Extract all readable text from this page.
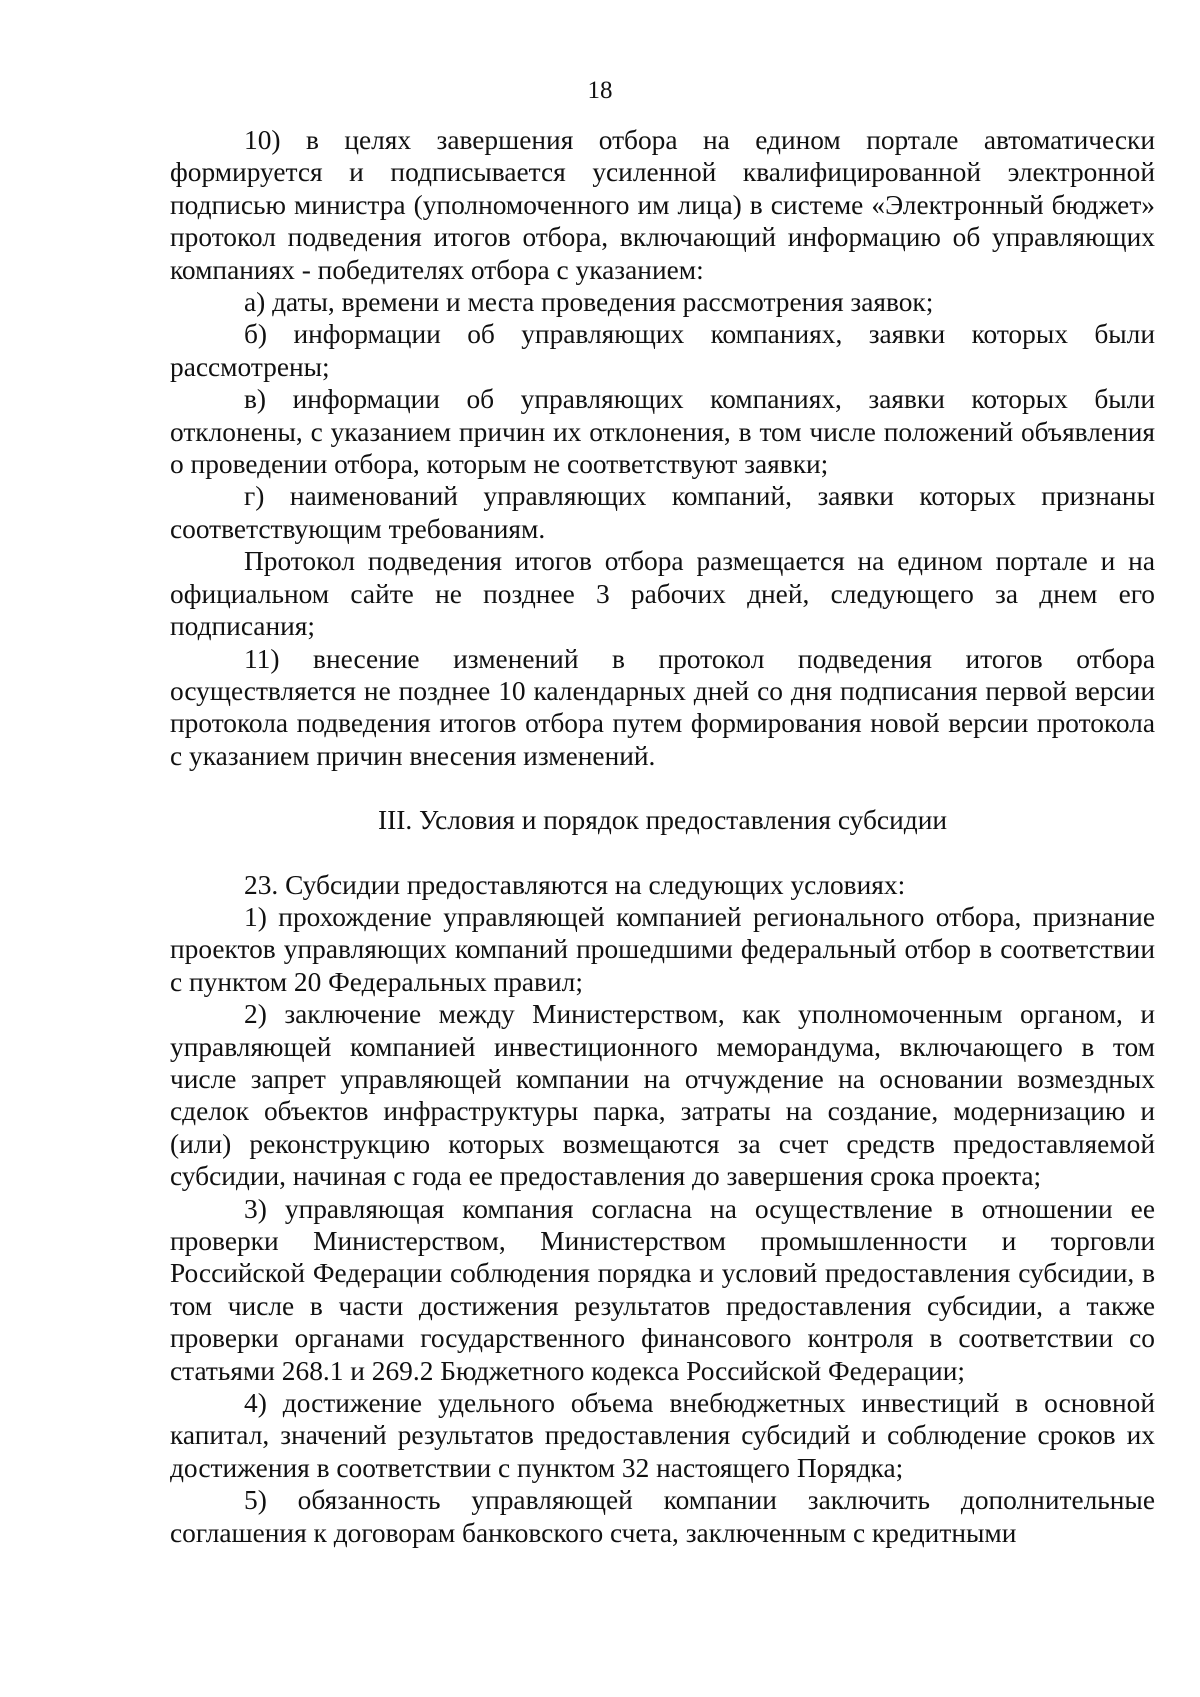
18

10) в целях завершения отбора на едином портале автоматически формируется и подписывается усиленной квалифицированной электронной подписью министра (уполномоченного им лица) в системе «Электронный бюджет» протокол подведения итогов отбора, включающий информацию об управляющих компаниях - победителях отбора с указанием:

а) даты, времени и места проведения рассмотрения заявок;

б) информации об управляющих компаниях, заявки которых были рассмотрены;

в) информации об управляющих компаниях, заявки которых были отклонены, с указанием причин их отклонения, в том числе положений объявления о проведении отбора, которым не соответствуют заявки;

г) наименований управляющих компаний, заявки которых признаны соответствующим требованиям.

Протокол подведения итогов отбора размещается на едином портале и на официальном сайте не позднее 3 рабочих дней, следующего за днем его подписания;

11) внесение изменений в протокол подведения итогов отбора осуществляется не позднее 10 календарных дней со дня подписания первой версии протокола подведения итогов отбора путем формирования новой версии протокола с указанием причин внесения изменений.

III. Условия и порядок предоставления субсидии

23. Субсидии предоставляются на следующих условиях:

1) прохождение управляющей компанией регионального отбора, признание проектов управляющих компаний прошедшими федеральный отбор в соответствии с пунктом 20 Федеральных правил;

2) заключение между Министерством, как уполномоченным органом, и управляющей компанией инвестиционного меморандума, включающего в том числе запрет управляющей компании на отчуждение на основании возмездных сделок объектов инфраструктуры парка, затраты на создание, модернизацию и (или) реконструкцию которых возмещаются за счет средств предоставляемой субсидии, начиная с года ее предоставления до завершения срока проекта;

3) управляющая компания согласна на осуществление в отношении ее проверки Министерством, Министерством промышленности и торговли Российской Федерации соблюдения порядка и условий предоставления субсидии, в том числе в части достижения результатов предоставления субсидии, а также проверки органами государственного финансового контроля в соответствии со статьями 268.1 и 269.2 Бюджетного кодекса Российской Федерации;

4) достижение удельного объема внебюджетных инвестиций в основной капитал, значений результатов предоставления субсидий и соблюдение сроков их достижения в соответствии с пунктом 32 настоящего Порядка;

5) обязанность управляющей компании заключить дополнительные соглашения к договорам банковского счета, заключенным с кредитными
